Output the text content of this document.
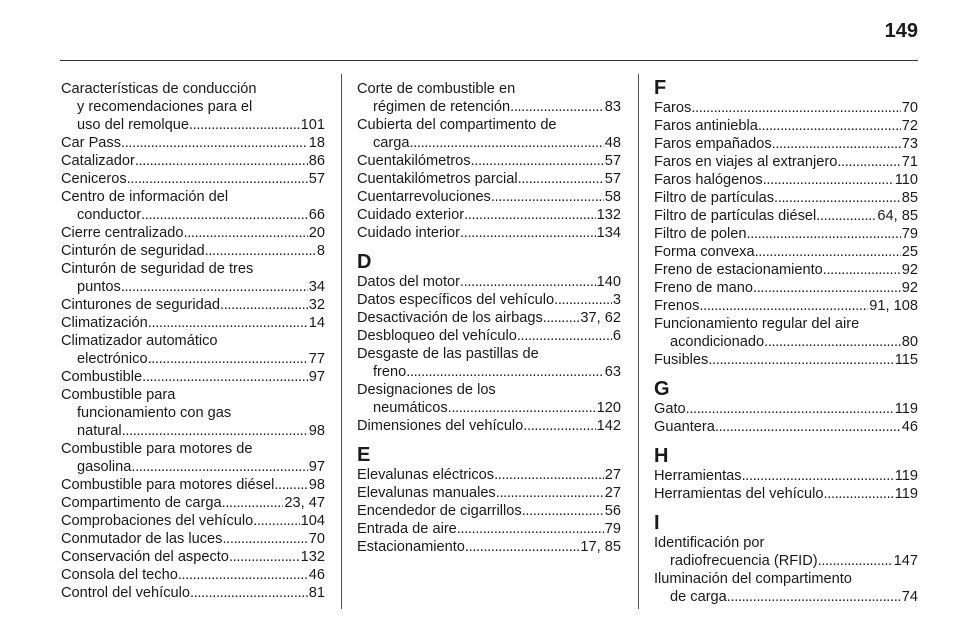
149
Características de conducción
y recomendaciones para el
uso del remolque . . .	101
Car Pass . . .	18
Catalizador . . .	86
Ceniceros . . .	57
Centro de información del
conductor . . .	66
Cierre centralizado . . .	20
Cinturón de seguridad . . .	8
Cinturón de seguridad de tres
puntos . . .	34
Cinturones de seguridad . . .	32
Climatización . . .	14
Climatizador automático
electrónico . . .	77
Combustible . . .	97
Combustible para
funcionamiento con gas
natural . . .	98
Combustible para motores de
gasolina . . .	97
Combustible para motores diésel . . . 98
Compartimento de carga . . .	23, 47
Comprobaciones del vehículo . . .	104
Conmutador de las luces . . .	70
Conservación del aspecto . . .	132
Consola del techo . . .	46
Control del vehículo . . .	81
Corte de combustible en
régimen de retención . . .	83
Cubierta del compartimento de
carga . . .	48
Cuentakilómetros . . .	57
Cuentakilómetros parcial . . .	57
Cuentarrevoluciones . . .	58
Cuidado exterior . . .	132
Cuidado interior . . .	134
D
Datos del motor . . .	140
Datos específicos del vehículo . . .	3
Desactivación de los airbags . . .	37, 62
Desbloqueo del vehículo . . .	6
Desgaste de las pastillas de
freno . . .	63
Designaciones de los
neumáticos . . .	120
Dimensiones del vehículo . . .	142
E
Elevalunas eléctricos . . .	27
Elevalunas manuales . . .	27
Encendedor de cigarrillos . . .	56
Entrada de aire . . .	79
Estacionamiento . . .	17, 85
F
Faros . . .	70
Faros antiniebla . . .	72
Faros empañados . . .	73
Faros en viajes al extranjero . . .	71
Faros halógenos . . .	110
Filtro de partículas . . .	85
Filtro de partículas diésel . . .	64, 85
Filtro de polen . . .	79
Forma convexa . . .	25
Freno de estacionamiento . . .	92
Freno de mano . . .	92
Frenos . . .	91, 108
Funcionamiento regular del aire
acondicionado . . .	80
Fusibles . . .	115
G
Gato . . .	119
Guantera . . .	46
H
Herramientas . . .	119
Herramientas del vehículo . . .	119
I
Identificación por
radiofrecuencia (RFID) . . .	147
Iluminación del compartimento
de carga . . .	74
